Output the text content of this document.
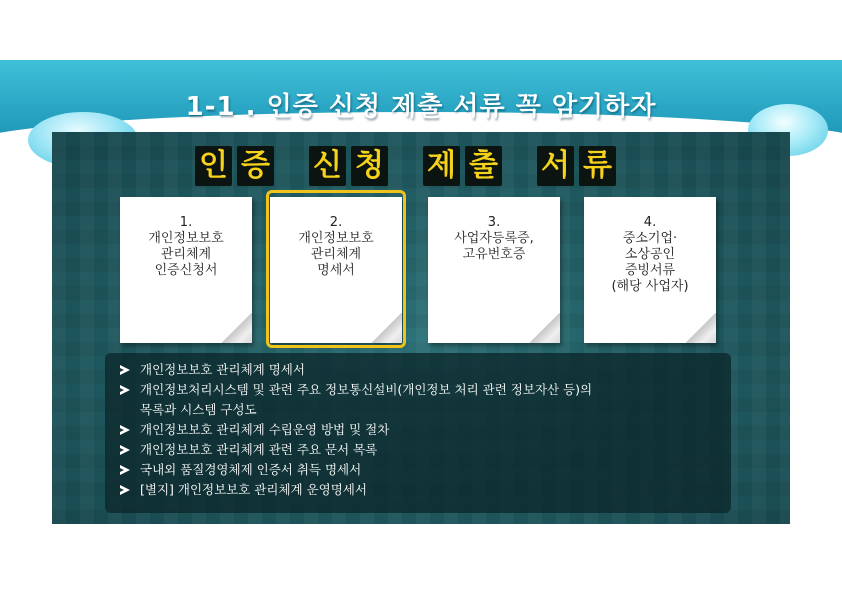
1-1 . 인증 신청 제출 서류 꼭 암기하자
인 증 신 청 제 출 서 류
1.
개인정보보호
관리체계
인증신청서
2.
개인정보보호
관리체계
명세서
3.
사업자등록증,
고유번호증
4.
중소기업·
소상공인
증빙서류
(해당 사업자)
개인정보보호 관리체계 명세서
개인정보처리시스템 및 관련 주요 정보통신설비(개인정보 처리 관련 정보자산 등)의
목록과 시스템 구성도
개인정보보호 관리체계 수립운영 방법 및 절차
개인정보보호 관리체계 관련 주요 문서 목록
국내외 품질경영체제 인증서 취득 명세서
[별지] 개인정보보호 관리체계 운영명세서
